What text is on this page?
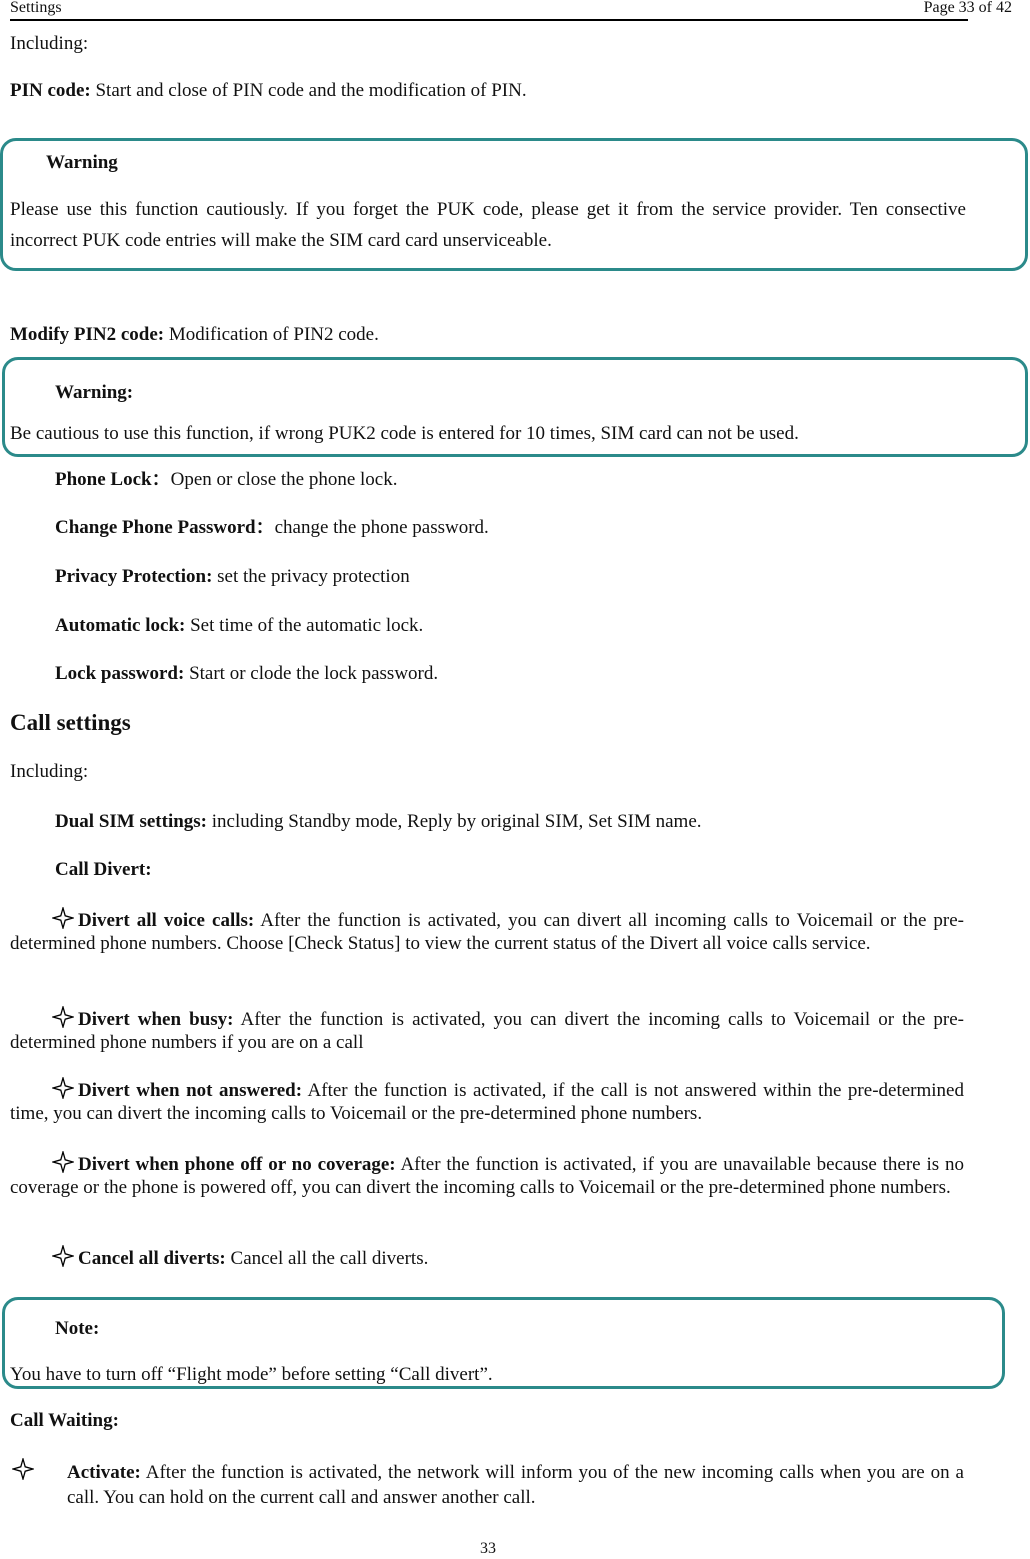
Settings	Page 33 of 42
Including:
PIN code: Start and close of PIN code and the modification of PIN.
Warning
Please use this function cautiously. If you forget the PUK code, please get it from the service provider. Ten consective incorrect PUK code entries will make the SIM card card unserviceable.
Modify PIN2 code: Modification of PIN2 code.
Warning:
Be cautious to use this function, if wrong PUK2 code is entered for 10 times, SIM card can not be used.
Phone Lock：Open or close the phone lock.
Change Phone Password：change the phone password.
Privacy Protection: set the privacy protection
Automatic lock: Set time of the automatic lock.
Lock password: Start or clode the lock password.
Call settings
Including:
Dual SIM settings: including Standby mode, Reply by original SIM, Set SIM name.
Call Divert:
Divert all voice calls: After the function is activated, you can divert all incoming calls to Voicemail or the pre-determined phone numbers. Choose [Check Status] to view the current status of the Divert all voice calls service.
Divert when busy: After the function is activated, you can divert the incoming calls to Voicemail or the pre-determined phone numbers if you are on a call
Divert when not answered: After the function is activated, if the call is not answered within the pre-determined time, you can divert the incoming calls to Voicemail or the pre-determined phone numbers.
Divert when phone off or no coverage: After the function is activated, if you are unavailable because there is no coverage or the phone is powered off, you can divert the incoming calls to Voicemail or the pre-determined phone numbers.
Cancel all diverts: Cancel all the call diverts.
Note:
You have to turn off “Flight mode” before setting “Call divert”.
Call Waiting:
Activate: After the function is activated, the network will inform you of the new incoming calls when you are on a call. You can hold on the current call and answer another call.
33
